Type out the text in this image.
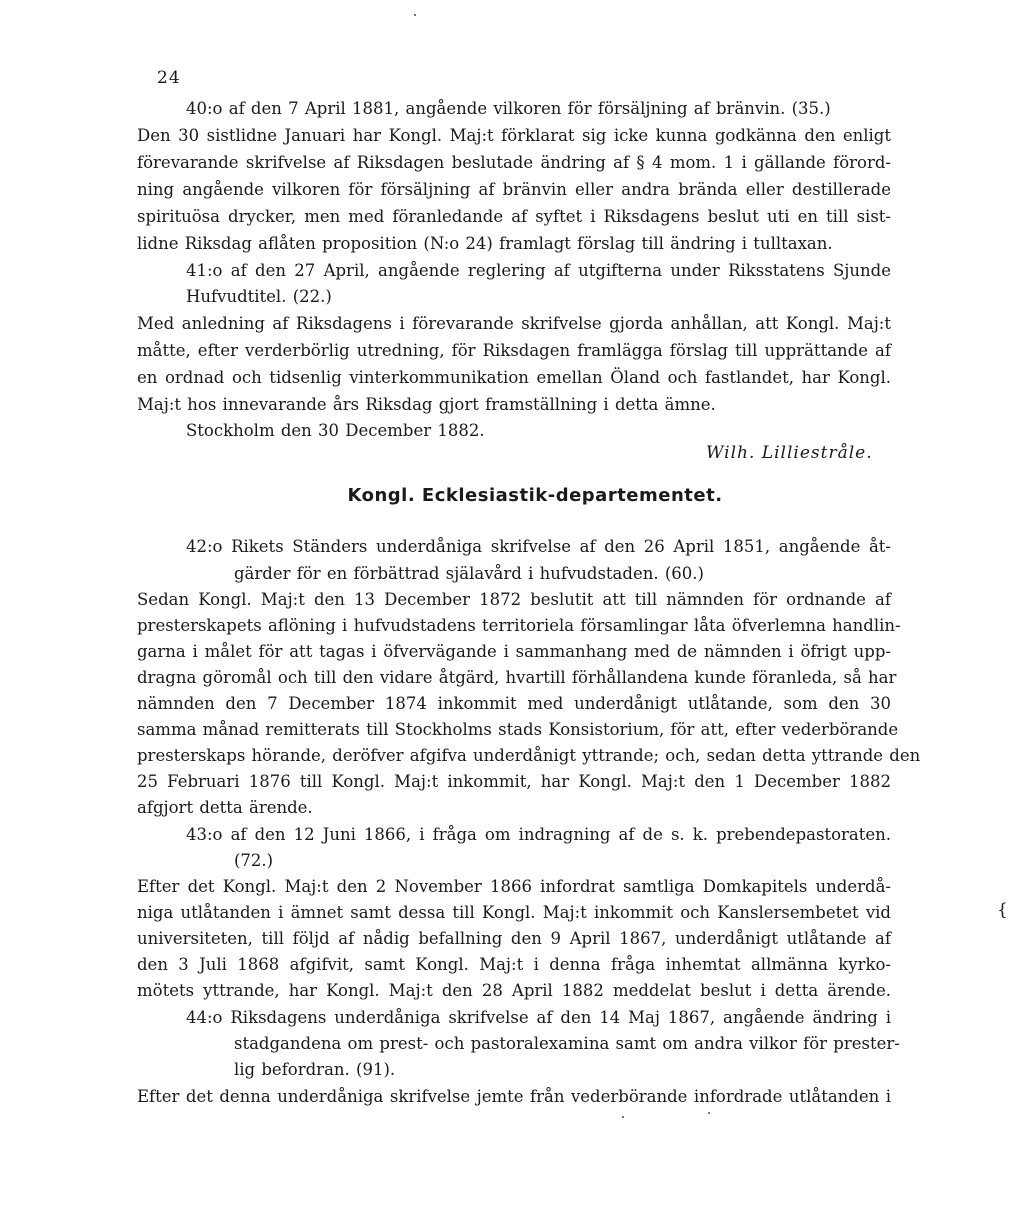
24
40:o af den 7 April 1881, angående vilkoren för försäljning af bränvin. (35.)
Den 30 sistlidne Januari har Kongl. Maj:t förklarat sig icke kunna godkänna den enligt
förevarande skrifvelse af Riksdagen beslutade ändring af § 4 mom. 1 i gällande förord-
ning angående vilkoren för försäljning af bränvin eller andra brända eller destillerade
spirituösa drycker, men med föranledande af syftet i Riksdagens beslut uti en till sist-
lidne Riksdag aflåten proposition (N:o 24) framlagt förslag till ändring i tulltaxan.
41:o af den 27 April, angående reglering af utgifterna under Riksstatens Sjunde
Hufvudtitel. (22.)
Med anledning af Riksdagens i förevarande skrifvelse gjorda anhållan, att Kongl. Maj:t
måtte, efter verderbörlig utredning, för Riksdagen framlägga förslag till upprättande af
en ordnad och tidsenlig vinterkommunikation emellan Öland och fastlandet, har Kongl.
Maj:t hos innevarande års Riksdag gjort framställning i detta ämne.
Stockholm den 30 December 1882.
Wilh. Lilliestråle.
Kongl. Ecklesiastik-departementet.
42:o Rikets Ständers underdåniga skrifvelse af den 26 April 1851, angående åt-
gärder för en förbättrad själavård i hufvudstaden. (60.)
Sedan Kongl. Maj:t den 13 December 1872 beslutit att till nämnden för ordnande af
presterskapets aflöning i hufvudstadens territoriela församlingar låta öfverlemna handlin-
garna i målet för att tagas i öfvervägande i sammanhang med de nämnden i öfrigt upp-
dragna göromål och till den vidare åtgärd, hvartill förhållandena kunde föranleda, så har
nämnden den 7 December 1874 inkommit med underdånigt utlåtande, som den 30
samma månad remitterats till Stockholms stads Konsistorium, för att, efter vederbörande
presterskaps hörande, deröfver afgifva underdånigt yttrande; och, sedan detta yttrande den
25 Februari 1876 till Kongl. Maj:t inkommit, har Kongl. Maj:t den 1 December 1882
afgjort detta ärende.
43:o af den 12 Juni 1866, i fråga om indragning af de s. k. prebendepastoraten.
(72.)
Efter det Kongl. Maj:t den 2 November 1866 infordrat samtliga Domkapitels underdå-
niga utlåtanden i ämnet samt dessa till Kongl. Maj:t inkommit och Kanslersembetet vid
universiteten, till följd af nådig befallning den 9 April 1867, underdånigt utlåtande af
den 3 Juli 1868 afgifvit, samt Kongl. Maj:t i denna fråga inhemtat allmänna kyrko-
mötets yttrande, har Kongl. Maj:t den 28 April 1882 meddelat beslut i detta ärende.
44:o Riksdagens underdåniga skrifvelse af den 14 Maj 1867, angående ändring i
stadgandena om prest- och pastoralexamina samt om andra vilkor för prester-
lig befordran. (91).
Efter det denna underdåniga skrifvelse jemte från vederbörande infordrade utlåtanden i
{
